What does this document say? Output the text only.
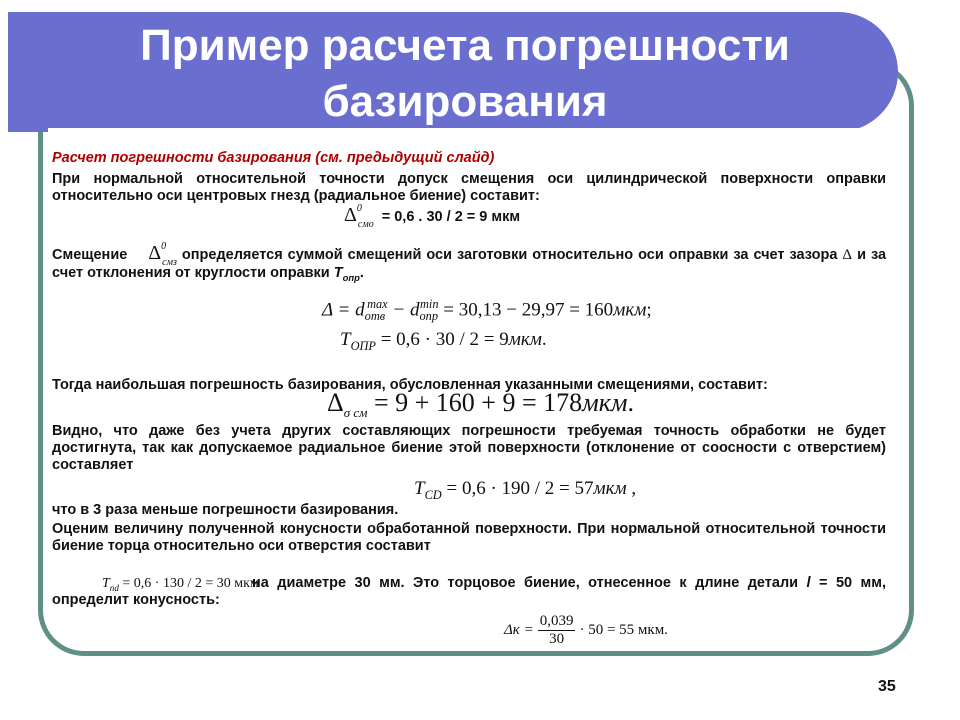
Пример расчета погрешности базирования

Расчет погрешности базирования (см. предыдущий слайд)

При нормальной относительной точности допуск смещения оси цилиндрической поверхности оправки относительно оси центровых гнезд (радиальное биение) составит:

$\Delta^0_{смо} = 0,6$ . 30 / 2 = 9 мкм

Смещение $\Delta^0_{смз}$ определяется суммой смещений оси заготовки относительно оси оправки за счет зазора Δ и за счет отклонения от круглости оправки $T_{опр}$.

$\Delta = d_{отв}^{max} - d_{опр}^{min} = 30,13 - 29,97 = 160мкм$;
$T_{ОПР} = 0,6 \cdot 30 / 2 = 9мкм$.

Тогда наибольшая погрешность базирования, обусловленная указанными смещениями, составит:

$\Delta_{\sigma см} = 9 + 160 + 9 = 178мкм$.

Видно, что даже без учета других составляющих погрешности требуемая точность обработки не будет достигнута, так как допускаемое радиальное биение этой поверхности (отклонение от соосности с отверстием) составляет

$T_{CD} = 0,6 \cdot 190 / 2 = 57мкм$ ,

что в 3 раза меньше погрешности базирования.

Оценим величину полученной конусности обработанной поверхности. При нормальной относительной точности биение торца относительно оси отверстия составит

$T_{nd} = 0,6 \cdot 130 / 2 = 30$ мкм

на диаметре 30 мм. Это торцовое биение, отнесенное к длине детали l = 50 мм, определит конусность:

$\Delta к = \frac{0,039}{30} \cdot 50 = 55$ мкм.
35
